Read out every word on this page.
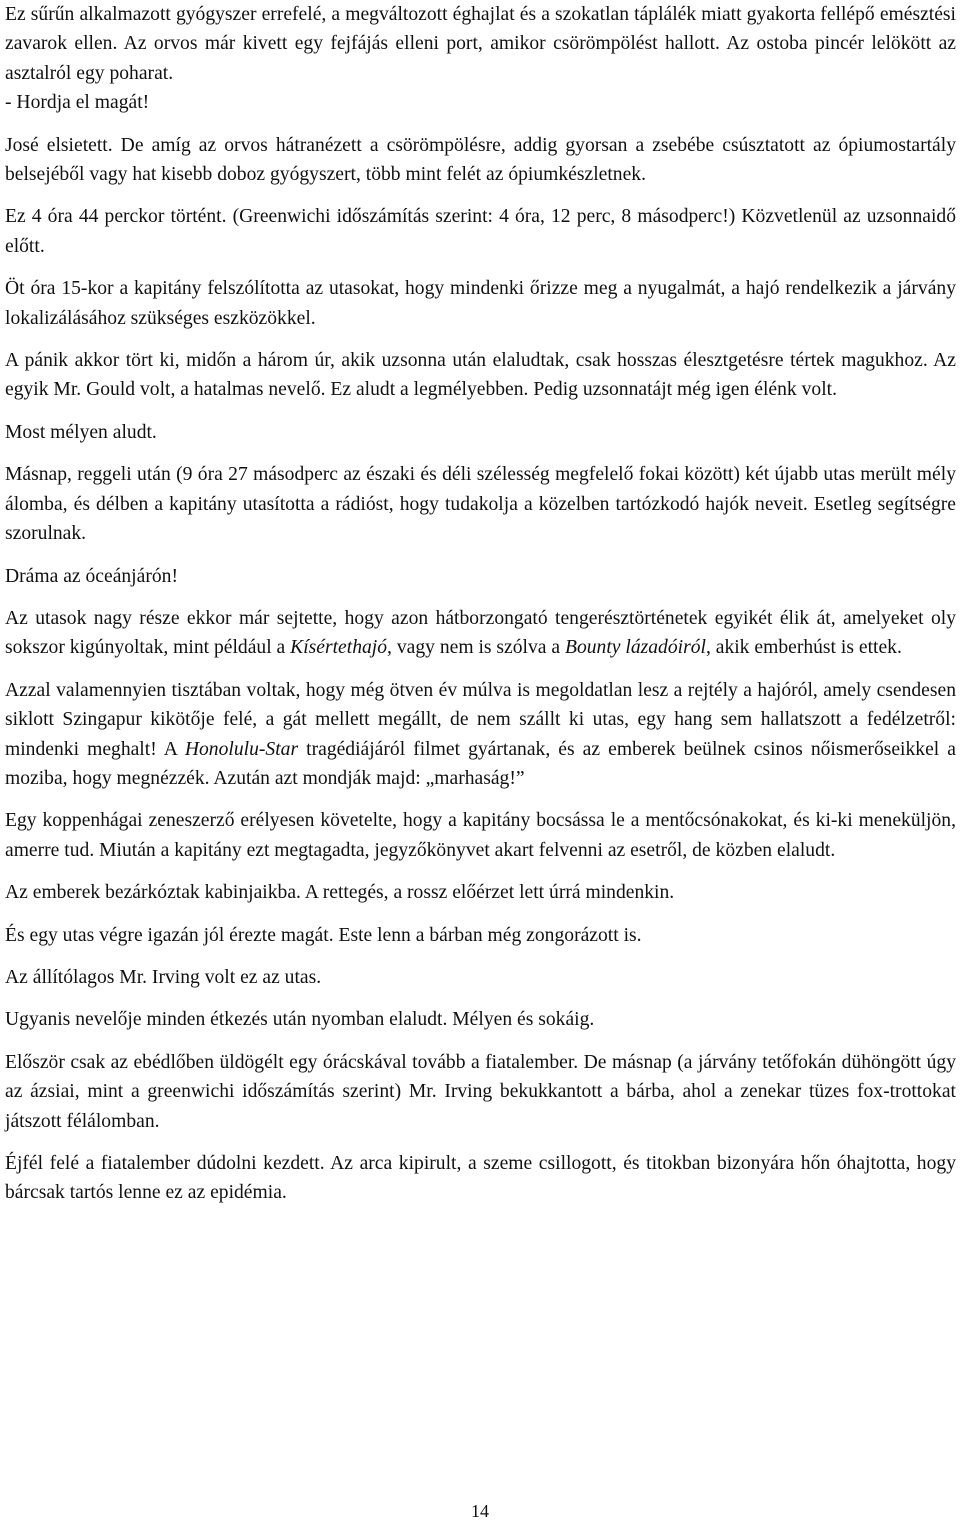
Ez sűrűn alkalmazott gyógyszer errefelé, a megváltozott éghajlat és a szokatlan táplálék miatt gyakorta fellépő emésztési zavarok ellen. Az orvos már kivett egy fejfájás elleni port, amikor csörömpölést hallott. Az ostoba pincér lelökött az asztalról egy poharat.

- Hordja el magát!

José elsietett. De amíg az orvos hátranézett a csörömpölésre, addig gyorsan a zsebébe csúsztatott az ópiumostartály belsejéből vagy hat kisebb doboz gyógyszert, több mint felét az ópiumkészletnek.

Ez 4 óra 44 perckor történt. (Greenwichi időszámítás szerint: 4 óra, 12 perc, 8 másodperc!) Közvetlenül az uzsonnaidő előtt.

Öt óra 15-kor a kapitány felszólította az utasokat, hogy mindenki őrizze meg a nyugalmát, a hajó rendelkezik a járvány lokalizálásához szükséges eszközökkel.

A pánik akkor tört ki, midőn a három úr, akik uzsonna után elaludtak, csak hosszas élesztgetésre tértek magukhoz. Az egyik Mr. Gould volt, a hatalmas nevelő. Ez aludt a legmélyebben. Pedig uzsonnatájt még igen élénk volt.

Most mélyen aludt.

Másnap, reggeli után (9 óra 27 másodperc az északi és déli szélesség megfelelő fokai között) két újabb utas merült mély álomba, és délben a kapitány utasította a rádióst, hogy tudakolja a közelben tartózkodó hajók neveit. Esetleg segítségre szorulnak.

Dráma az óceánjárón!

Az utasok nagy része ekkor már sejtette, hogy azon hátborzongató tengerésztörténetek egyikét élik át, amelyeket oly sokszor kigúnyoltak, mint például a Kísértethajó, vagy nem is szólva a Bounty lázadóiról, akik emberhúst is ettek.

Azzal valamennyien tisztában voltak, hogy még ötven év múlva is megoldatlan lesz a rejtély a hajóról, amely csendesen siklott Szingapur kikötője felé, a gát mellett megállt, de nem szállt ki utas, egy hang sem hallatszott a fedélzetről: mindenki meghalt! A Honolulu-Star tragédiájáról filmet gyártanak, és az emberek beülnek csinos nőismerőseikkel a moziba, hogy megnézzék. Azután azt mondják majd: „marhaság!”

Egy koppenhágai zeneszerző erélyesen követelte, hogy a kapitány bocsássa le a mentőcsónakokat, és ki-ki meneküljön, amerre tud. Miután a kapitány ezt megtagadta, jegyzőkönyvet akart felvenni az esetről, de közben elaludt.

Az emberek bezárkóztak kabinjaikba. A rettegés, a rossz előérzet lett úrrá mindenkin.

És egy utas végre igazán jól érezte magát. Este lenn a bárban még zongorázott is.

Az állítólagos Mr. Irving volt ez az utas.

Ugyanis nevelője minden étkezés után nyomban elaludt. Mélyen és sokáig.

Először csak az ebédlőben üldögélt egy órácskával tovább a fiatalember. De másnap (a járvány tetőfokán dühöngött úgy az ázsiai, mint a greenwichi időszámítás szerint) Mr. Irving bekukkantott a bárba, ahol a zenekar tüzes fox-trottokat játszott félálomban.

Éjfél felé a fiatalember dúdolni kezdett. Az arca kipirult, a szeme csillogott, és titokban bizonyára hőn óhajtotta, hogy bárcsak tartós lenne ez az epidémia.

14
